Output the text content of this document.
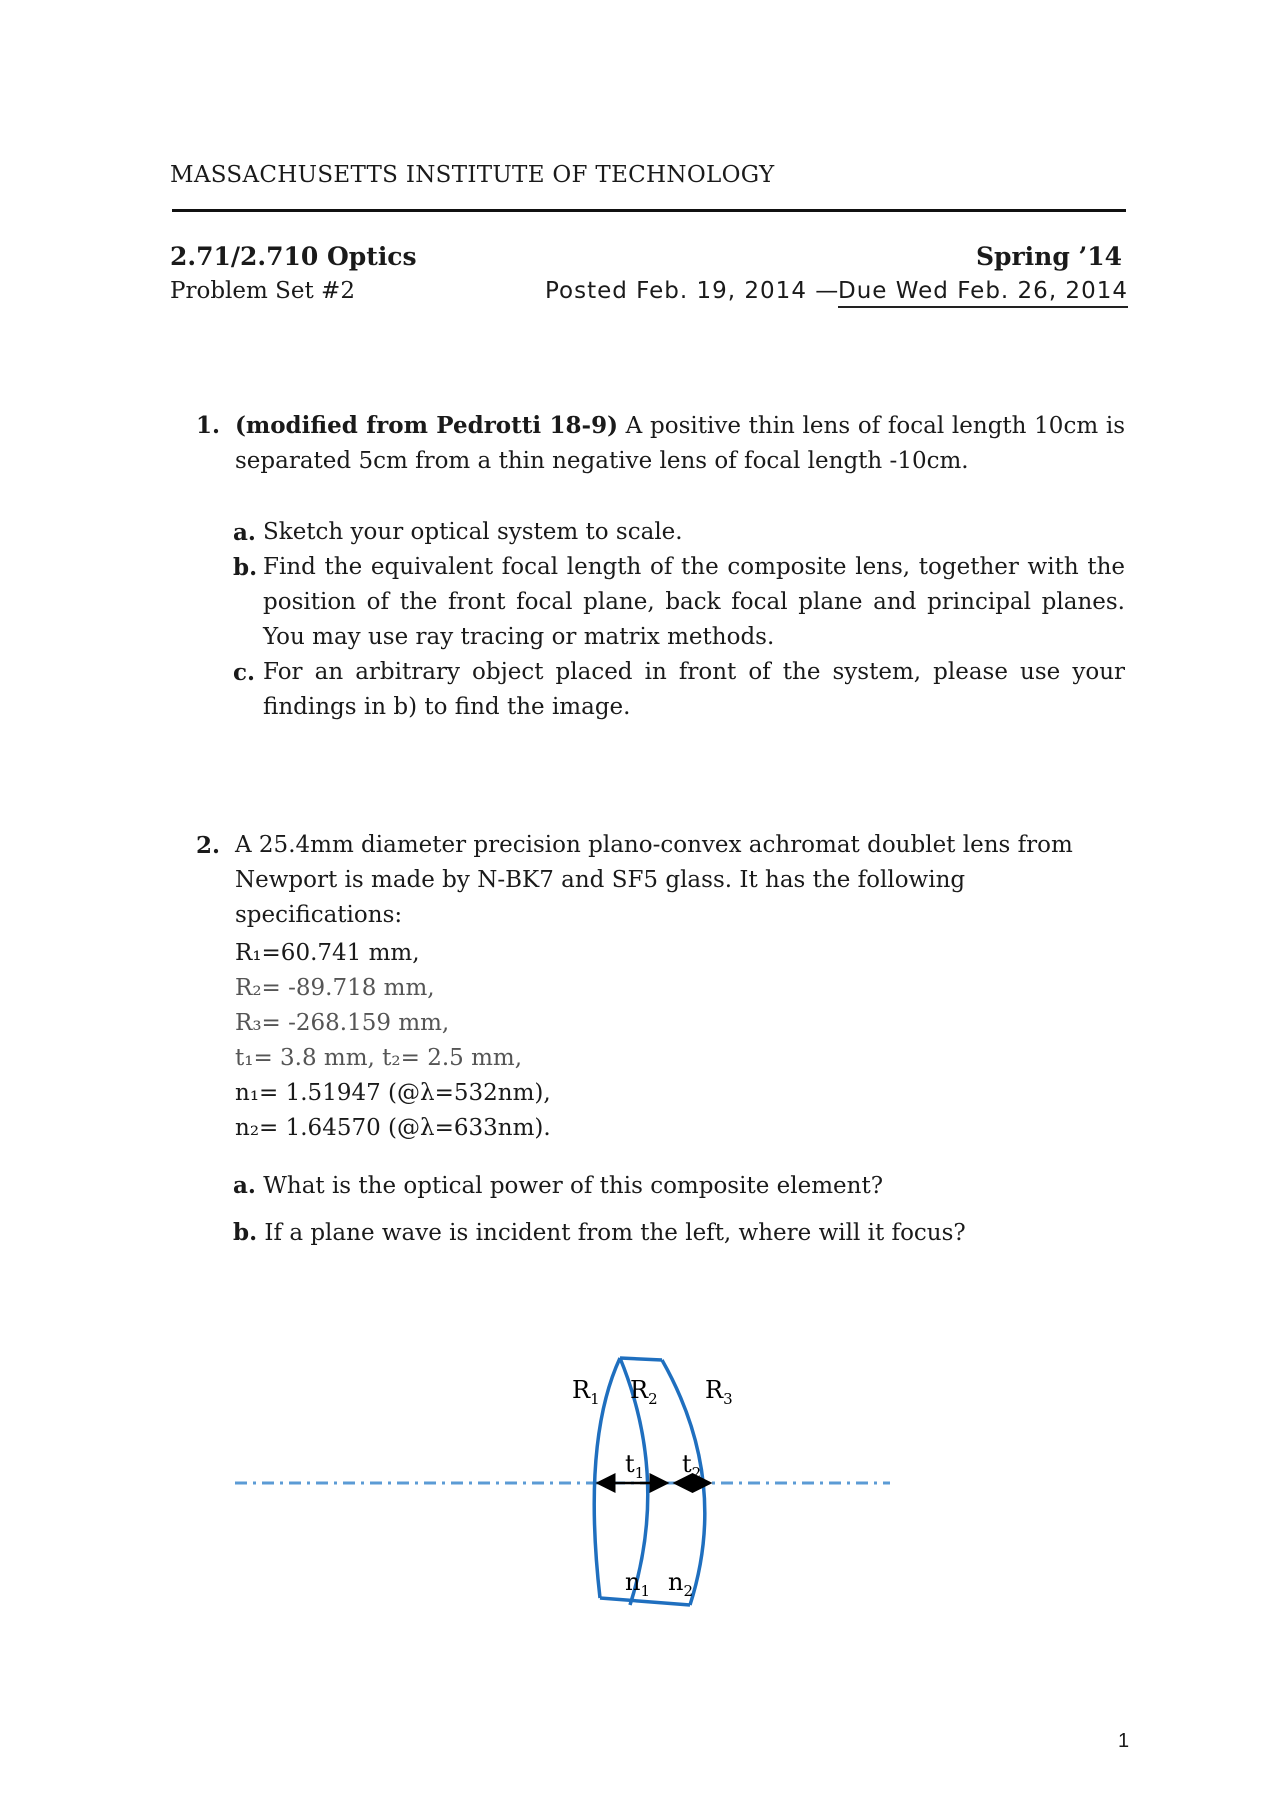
MASSACHUSETTS INSTITUTE OF TECHNOLOGY
2.71/2.710 Optics	Spring ’14
Problem Set #2	Posted Feb. 19, 2014 —
Due Wed Feb. 26, 2014
1. (modified from Pedrotti 18-9) A positive thin lens of focal length 10cm is separated 5cm from a thin negative lens of focal length -10cm.
a. Sketch your optical system to scale.
b. Find the equivalent focal length of the composite lens, together with the position of the front focal plane, back focal plane and principal planes. You may use ray tracing or matrix methods.
c. For an arbitrary object placed in front of the system, please use your findings in b) to find the image.
2. A 25.4mm diameter precision plano-convex achromat doublet lens from Newport is made by N-BK7 and SF5 glass. It has the following specifications:
R₁=60.741 mm,
R₂= -89.718 mm,
R₃= -268.159 mm,
t₁= 3.8 mm, t₂= 2.5 mm,
n₁= 1.51947 (@λ=532nm),
n₂= 1.64570 (@λ=633nm).
a. What is the optical power of this composite element?
b. If a plane wave is incident from the left, where will it focus?
$R_1$ $R_2$ $R_3$
$t_1$ $t_2$
$n_1$ $n_2$
1
